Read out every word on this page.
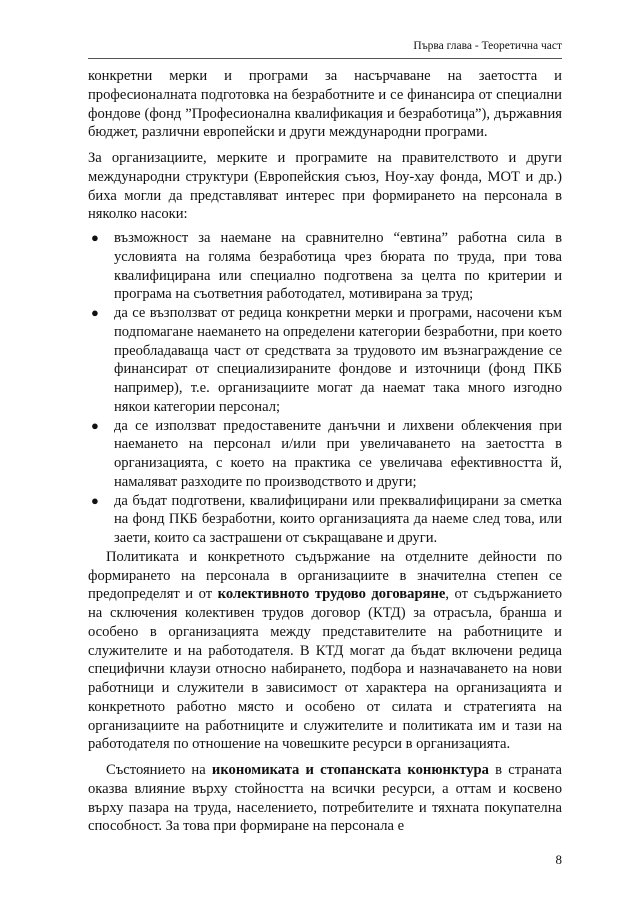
Първа глава - Теоретична част

конкретни мерки и програми за насърчаване на заетостта и професионалната подготовка на безработните и се финансира от специални фондове (фонд ”Професионална квалификация и безработица”), държавния бюджет, различни европейски и други международни програми.

За организациите, мерките и програмите на правителството и други международни структури (Европейския съюз, Ноу-хау фонда, МОТ и др.) биха могли да представляват интерес при формирането на персонала в няколко насоки:

● възможност за наемане на сравнително “евтина” работна сила в условията на голяма безработица чрез бюрата по труда, при това квалифицирана или специално подготвена за целта по критерии и програма на съответния работодател, мотивирана за труд;
● да се възползват от редица конкретни мерки и програми, насочени към подпомагане наемането на определени категории безработни, при което преобладаваща част от средствата за трудовото им възнаграждение се финансират от специализираните фондове и източници (фонд ПКБ например), т.е. организациите могат да наемат така много изгодно някои категории персонал;
● да се използват предоставените данъчни и лихвени облекчения при наемането на персонал и/или при увеличаването на заетостта в организацията, с което на практика се увеличава ефективността й, намаляват разходите по производството и други;
● да бъдат подготвени, квалифицирани или преквалифицирани за сметка на фонд ПКБ безработни, които организацията да наеме след това, или заети, които са застрашени от съкращаване и други.

Политиката и конкретното съдържание на отделните дейности по формирането на персонала в организациите в значителна степен се предопределят и от колективното трудово договаряне, от съдържанието на сключения колективен трудов договор (КТД) за отрасъла, бранша и особено в организацията между представителите на работниците и служителите и на работодателя. В КТД могат да бъдат включени редица специфични клаузи относно набирането, подбора и назначаването на нови работници и служители в зависимост от характера на организацията и конкретното работно място и особено от силата и стратегията на организациите на работниците и служителите и политиката им и тази на работодателя по отношение на човешките ресурси в организацията.

Състоянието на икономиката и стопанската конюнктура в страната оказва влияние върху стойността на всички ресурси, а оттам и косвено върху пазара на труда, населението, потребителите и тяхната покупателна способност. За това при формиране на персонала е

8
